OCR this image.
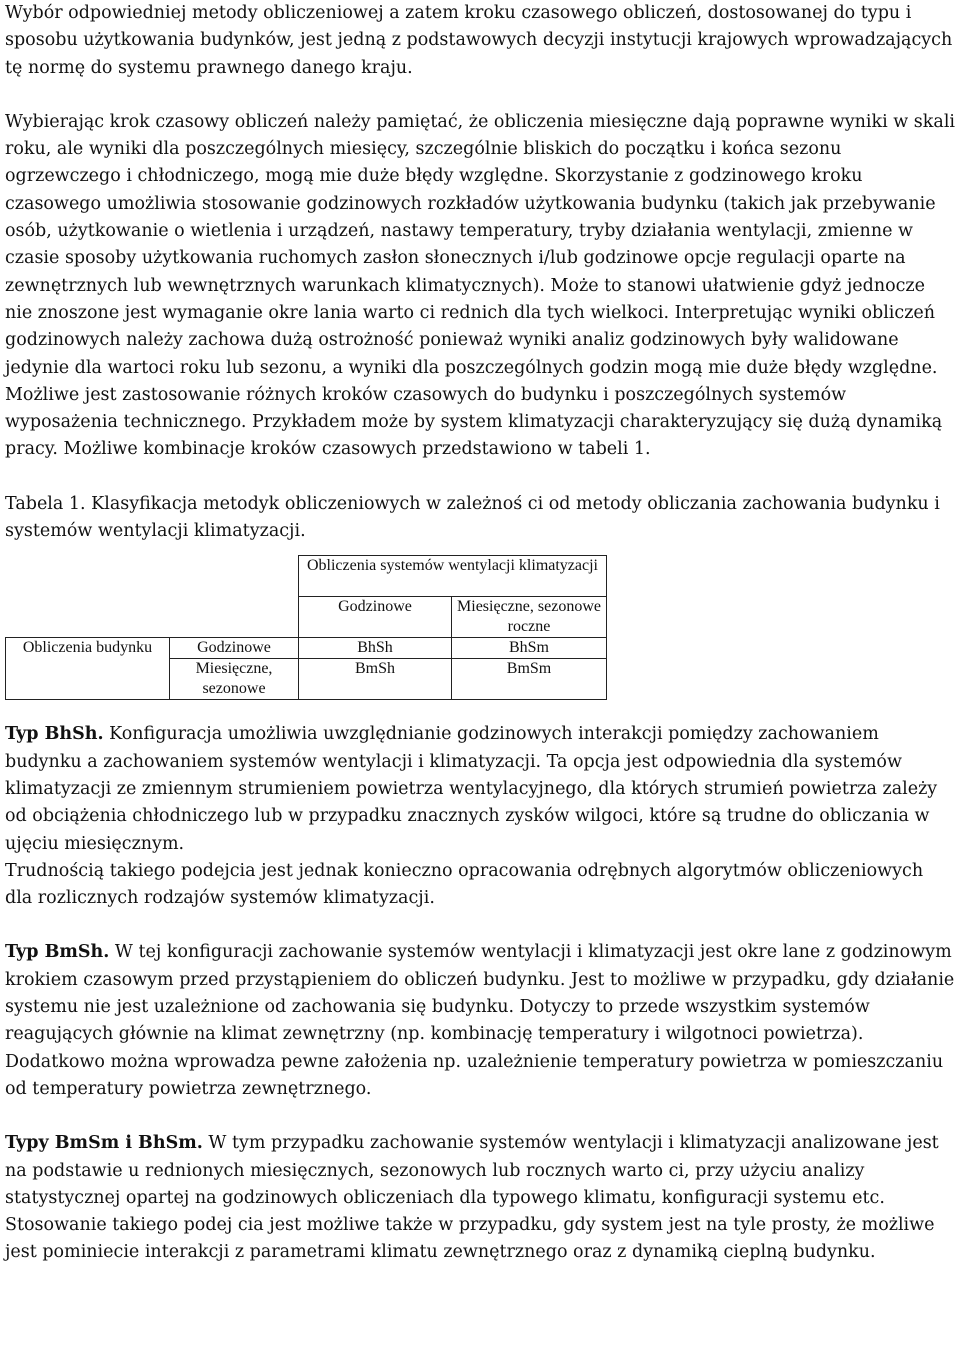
Wybór odpowiedniej metody obliczeniowej a zatem kroku czasowego obliczeń, dostosowanej do typu i sposobu użytkowania budynków, jest jedną z podstawowych decyzji instytucji krajowych wprowadzających tę normę do systemu prawnego danego kraju.

Wybierając krok czasowy obliczeń należy pamiętać, że obliczenia miesięczne dają poprawne wyniki w skali roku, ale wyniki dla poszczególnych miesięcy, szczególnie bliskich do początku i końca sezonu ogrzewczego i chłodniczego, mogą mie duże błędy względne. Skorzystanie z godzinowego kroku czasowego umożliwia stosowanie godzinowych rozkładów użytkowania budynku (takich jak przebywanie osób, użytkowanie o wietlenia i urządzeń, nastawy temperatury, tryby działania wentylacji, zmienne w czasie sposoby użytkowania ruchomych zasłon słonecznych i/lub godzinowe opcje regulacji oparte na zewnętrznych lub wewnętrznych warunkach klimatycznych). Może to stanowi ułatwienie gdyż jednocze nie znoszone jest wymaganie okre lania warto ci rednich dla tych wielkoci. Interpretując wyniki obliczeń godzinowych należy zachowa dużą ostrożność ponieważ wyniki analiz godzinowych były walidowane jedynie dla wartoci roku lub sezonu, a wyniki dla poszczególnych godzin mogą mie duże błędy względne.

Możliwe jest zastosowanie różnych kroków czasowych do budynku i poszczególnych systemów wyposażenia technicznego. Przykładem może by system klimatyzacji charakteryzujący się dużą dynamiką pracy. Możliwe kombinacje kroków czasowych przedstawiono w tabeli 1.

Tabela 1. Klasyfikacja metodyk obliczeniowych w zależnoś ci od metody obliczania zachowania budynku i systemów wentylacji klimatyzacji.

		Obliczenia systemów wentylacji klimatyzacji	
		Godzinowe	Miesięczne, sezonowe roczne
Obliczenia budynku	Godzinowe	BhSh	BhSm
	Miesięczne, sezonowe	BmSh	BmSm

Typ BhSh. Konfiguracja umożliwia uwzględnianie godzinowych interakcji pomiędzy zachowaniem budynku a zachowaniem systemów wentylacji i klimatyzacji. Ta opcja jest odpowiednia dla systemów klimatyzacji ze zmiennym strumieniem powietrza wentylacyjnego, dla których strumień powietrza zależy od obciążenia chłodniczego lub w przypadku znacznych zysków wilgoci, które są trudne do obliczania w ujęciu miesięcznym.

Trudnością takiego podejcia jest jednak konieczno opracowania odrębnych algorytmów obliczeniowych dla rozlicznych rodzajów systemów klimatyzacji.

Typ BmSh. W tej konfiguracji zachowanie systemów wentylacji i klimatyzacji jest okre lane z godzinowym krokiem czasowym przed przystąpieniem do obliczeń budynku. Jest to możliwe w przypadku, gdy działanie systemu nie jest uzależnione od zachowania się budynku. Dotyczy to przede wszystkim systemów reagujących głównie na klimat zewnętrzny (np. kombinację temperatury i wilgotnoci powietrza). Dodatkowo można wprowadza pewne założenia np. uzależnienie temperatury powietrza w pomieszczaniu od temperatury powietrza zewnętrznego.

Typy BmSm i BhSm. W tym przypadku zachowanie systemów wentylacji i klimatyzacji analizowane jest na podstawie u rednionych miesięcznych, sezonowych lub rocznych warto ci, przy użyciu analizy statystycznej opartej na godzinowych obliczeniach dla typowego klimatu, konfiguracji systemu etc. Stosowanie takiego podej cia jest możliwe także w przypadku, gdy system jest na tyle prosty, że możliwe jest pominiecie interakcji z parametrami klimatu zewnętrznego oraz z dynamiką cieplną budynku.
